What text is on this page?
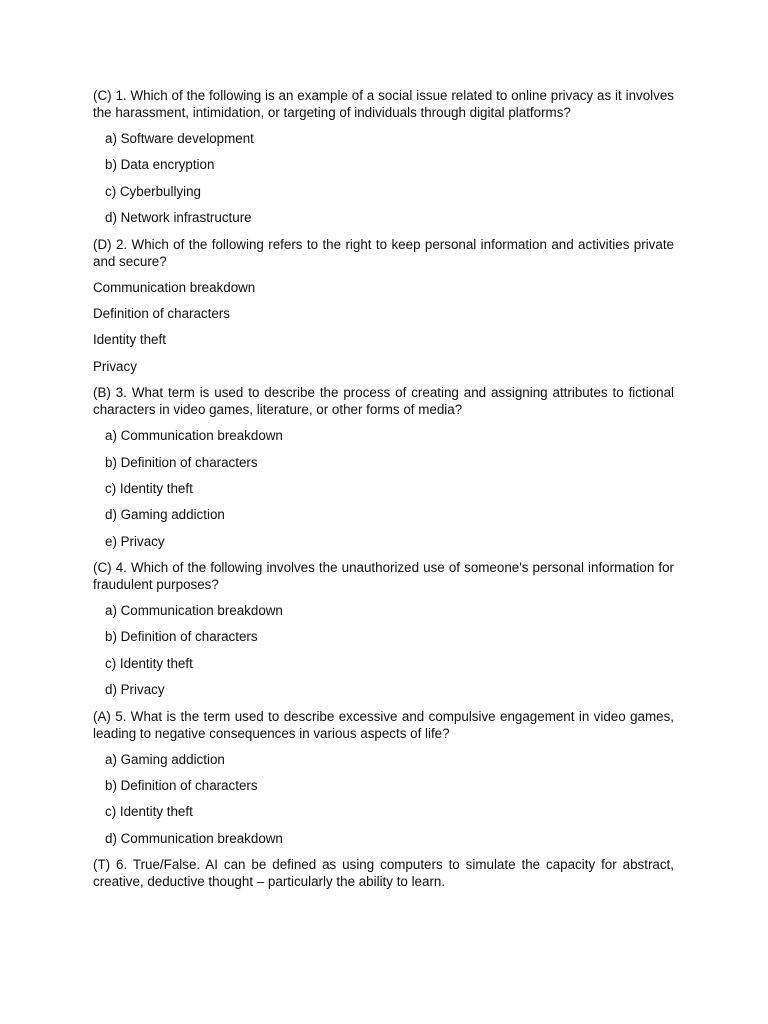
(C) 1. Which of the following is an example of a social issue related to online privacy as it involves the harassment, intimidation, or targeting of individuals through digital platforms?

a) Software development
b) Data encryption
c) Cyberbullying
d) Network infrastructure

(D) 2. Which of the following refers to the right to keep personal information and activities private and secure?

Communication breakdown
Definition of characters
Identity theft
Privacy

(B) 3. What term is used to describe the process of creating and assigning attributes to fictional characters in video games, literature, or other forms of media?

a) Communication breakdown
b) Definition of characters
c) Identity theft
d) Gaming addiction
e) Privacy

(C) 4. Which of the following involves the unauthorized use of someone's personal information for fraudulent purposes?

a) Communication breakdown
b) Definition of characters
c) Identity theft
d) Privacy

(A) 5. What is the term used to describe excessive and compulsive engagement in video games, leading to negative consequences in various aspects of life?

a) Gaming addiction
b) Definition of characters
c) Identity theft
d) Communication breakdown

(T) 6. True/False. AI can be defined as using computers to simulate the capacity for abstract, creative, deductive thought – particularly the ability to learn.
